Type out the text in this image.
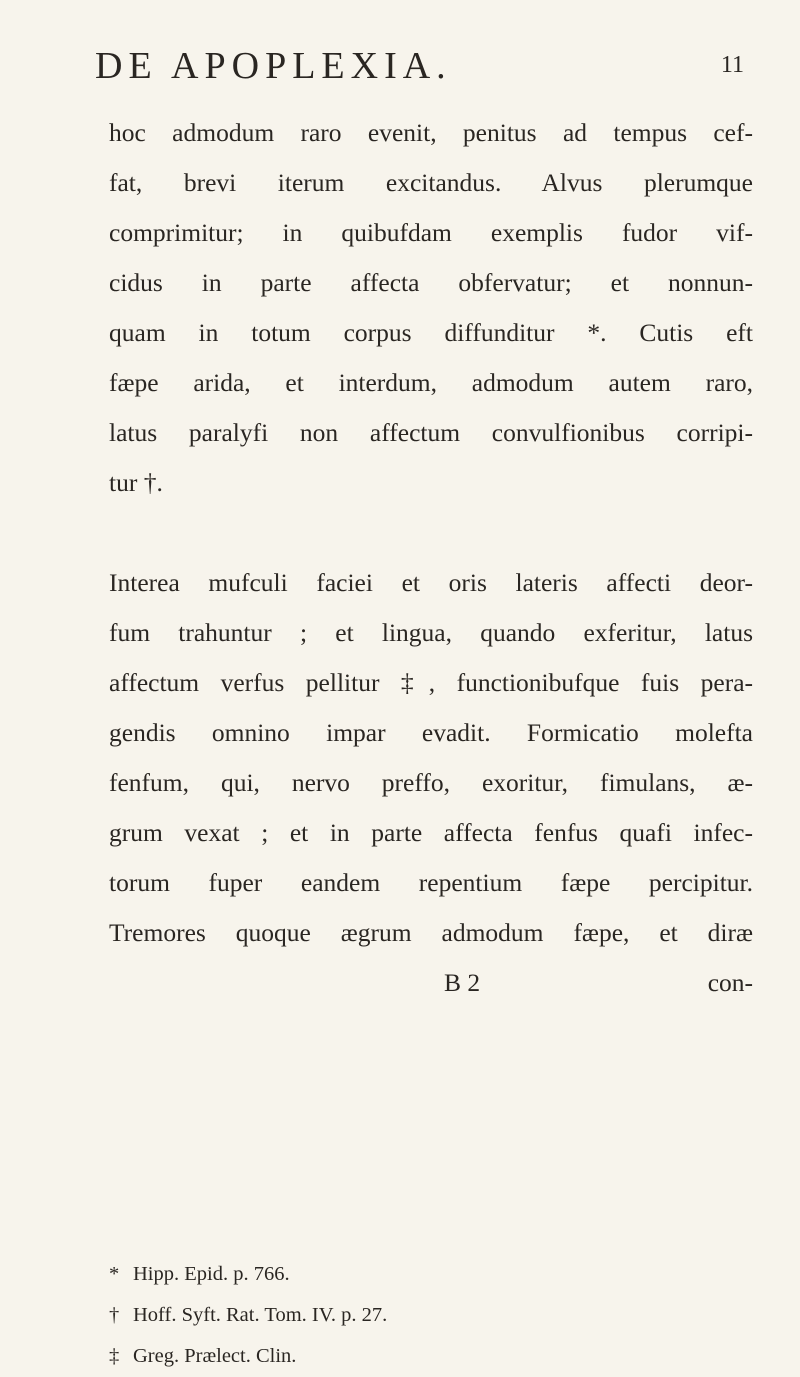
DE APOPLEXIA.	11
hoc admodum raro evenit, penitus ad tempus cef-
fat, brevi iterum excitandus. Alvus plerumque
comprimitur; in quibufdam exemplis fudor vif-
cidus in parte affecta obfervatur; et nonnun-
quam in totum corpus diffunditur *. Cutis eft
fæpe arida, et interdum, admodum autem raro,
latus paralyfi non affectum convulfionibus corripi-
tur †.
Interea mufculi faciei et oris lateris affecti deor-
fum trahuntur ; et lingua, quando exferitur, latus
affectum verfus pellitur ‡, functionibufque fuis pera-
gendis omnino impar evadit. Formicatio molefta
fenfum, qui, nervo preffo, exoritur, fimulans, æ-
grum vexat ; et in parte affecta fenfus quafi infec-
torum fuper eandem repentium fæpe percipitur.
Tremores quoque ægrum admodum fæpe, et diræ
B 2	con-
* Hipp. Epid. p. 766.
† Hoff. Syft. Rat. Tom. IV. p. 27.
‡ Greg. Prælect. Clin.
